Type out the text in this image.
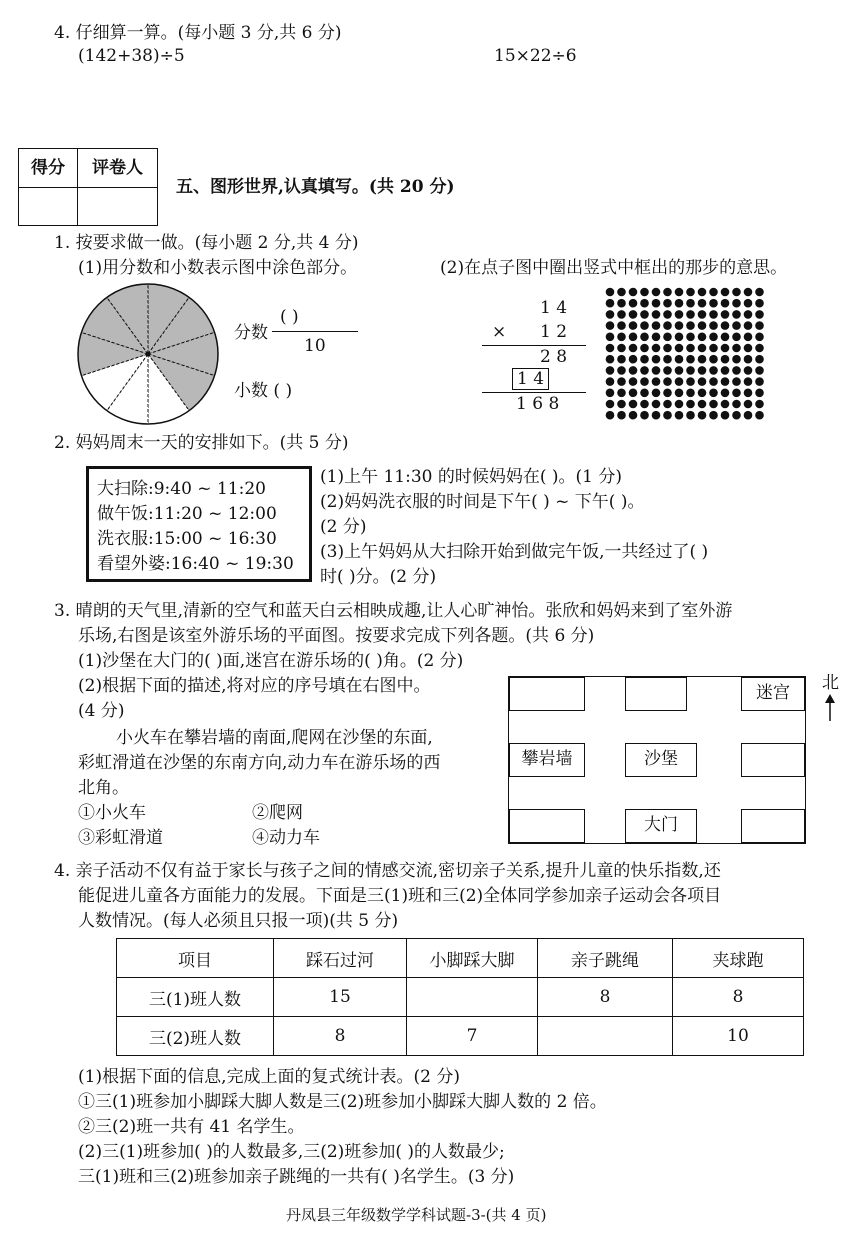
4. 仔细算一算。(每小题 3 分,共 6 分)
(142+38)÷5	15×22÷6
得分	评卷人
五、图形世界,认真填写。(共 20 分)
1. 按要求做一做。(每小题 2 分,共 4 分)
(1)用分数和小数表示图中涂色部分。	(2)在点子图中圈出竖式中框出的那步的意思。
分数
( )
10
小数 ( )
1 4
× 1 2
2 8
1 4
1 6 8
2. 妈妈周末一天的安排如下。(共 5 分)
大扫除:9:40 ~ 11:20
做午饭:11:20 ~ 12:00
洗衣服:15:00 ~ 16:30
看望外婆:16:40 ~ 19:30
(1)上午 11:30 的时候妈妈在( )。(1 分)
(2)妈妈洗衣服的时间是下午( ) ~ 下午( )。
(2 分)
(3)上午妈妈从大扫除开始到做完午饭,一共经过了( )
时( )分。(2 分)
3. 晴朗的天气里,清新的空气和蓝天白云相映成趣,让人心旷神怡。张欣和妈妈来到了室外游
乐场,右图是该室外游乐场的平面图。按要求完成下列各题。(共 6 分)
(1)沙堡在大门的( )面,迷宫在游乐场的( )角。(2 分)
(2)根据下面的描述,将对应的序号填在右图中。
(4 分)
小火车在攀岩墙的南面,爬网在沙堡的东面,
彩虹滑道在沙堡的东南方向,动力车在游乐场的西
北角。
①小火车	②爬网
③彩虹滑道	④动力车
迷宫
攀岩墙	沙堡
大门
北
4. 亲子活动不仅有益于家长与孩子之间的情感交流,密切亲子关系,提升儿童的快乐指数,还
能促进儿童各方面能力的发展。下面是三(1)班和三(2)全体同学参加亲子运动会各项目
人数情况。(每人必须且只报一项)(共 5 分)
项目	踩石过河	小脚踩大脚	亲子跳绳	夹球跑
三(1)班人数	15		8	8
三(2)班人数	8	7		10
(1)根据下面的信息,完成上面的复式统计表。(2 分)
①三(1)班参加小脚踩大脚人数是三(2)班参加小脚踩大脚人数的 2 倍。
②三(2)班一共有 41 名学生。
(2)三(1)班参加( )的人数最多,三(2)班参加( )的人数最少;
三(1)班和三(2)班参加亲子跳绳的一共有( )名学生。(3 分)
丹凤县三年级数学学科试题-3-(共 4 页)
